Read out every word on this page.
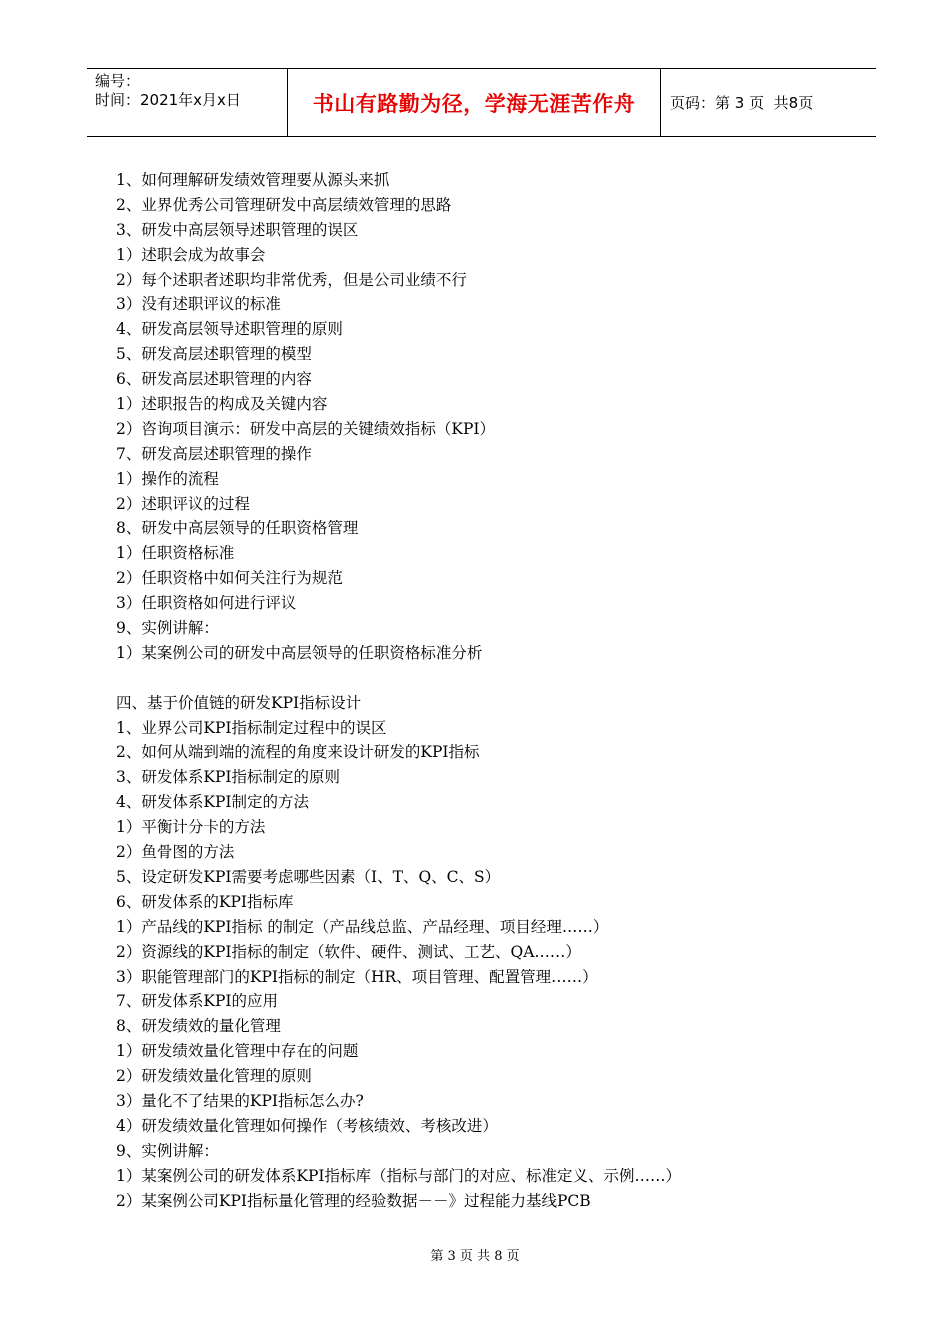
编号：
时间：2021年x月x日	书山有路勤为径，学海无涯苦作舟	页码：第 3 页  共 8 页
1、如何理解研发绩效管理要从源头来抓
2、业界优秀公司管理研发中高层绩效管理的思路
3、研发中高层领导述职管理的误区
1）述职会成为故事会
2）每个述职者述职均非常优秀，但是公司业绩不行
3）没有述职评议的标准
4、研发高层领导述职管理的原则
5、研发高层述职管理的模型
6、研发高层述职管理的内容
1）述职报告的构成及关键内容
2）咨询项目演示：研发中高层的关键绩效指标（KPI）
7、研发高层述职管理的操作
1）操作的流程
2）述职评议的过程
8、研发中高层领导的任职资格管理
1）任职资格标准
2）任职资格中如何关注行为规范
3）任职资格如何进行评议
9、实例讲解：
1）某案例公司的研发中高层领导的任职资格标准分析
四、基于价值链的研发KPI指标设计
1、业界公司KPI指标制定过程中的误区
2、如何从端到端的流程的角度来设计研发的KPI指标
3、研发体系KPI指标制定的原则
4、研发体系KPI制定的方法
1）平衡计分卡的方法
2）鱼骨图的方法
5、设定研发KPI需要考虑哪些因素（I、T、Q、C、S）
6、研发体系的KPI指标库
1）产品线的KPI指标 的制定（产品线总监、产品经理、项目经理……）
2）资源线的KPI指标的制定（软件、硬件、测试、工艺、QA……）
3）职能管理部门的KPI指标的制定（HR、项目管理、配置管理……）
7、研发体系KPI的应用
8、研发绩效的量化管理
1）研发绩效量化管理中存在的问题
2）研发绩效量化管理的原则
3）量化不了结果的KPI指标怎么办?
4）研发绩效量化管理如何操作（考核绩效、考核改进）
9、实例讲解：
1）某案例公司的研发体系KPI指标库（指标与部门的对应、标准定义、示例……）
2）某案例公司KPI指标量化管理的经验数据－－》过程能力基线PCB
第 3 页 共 8 页
